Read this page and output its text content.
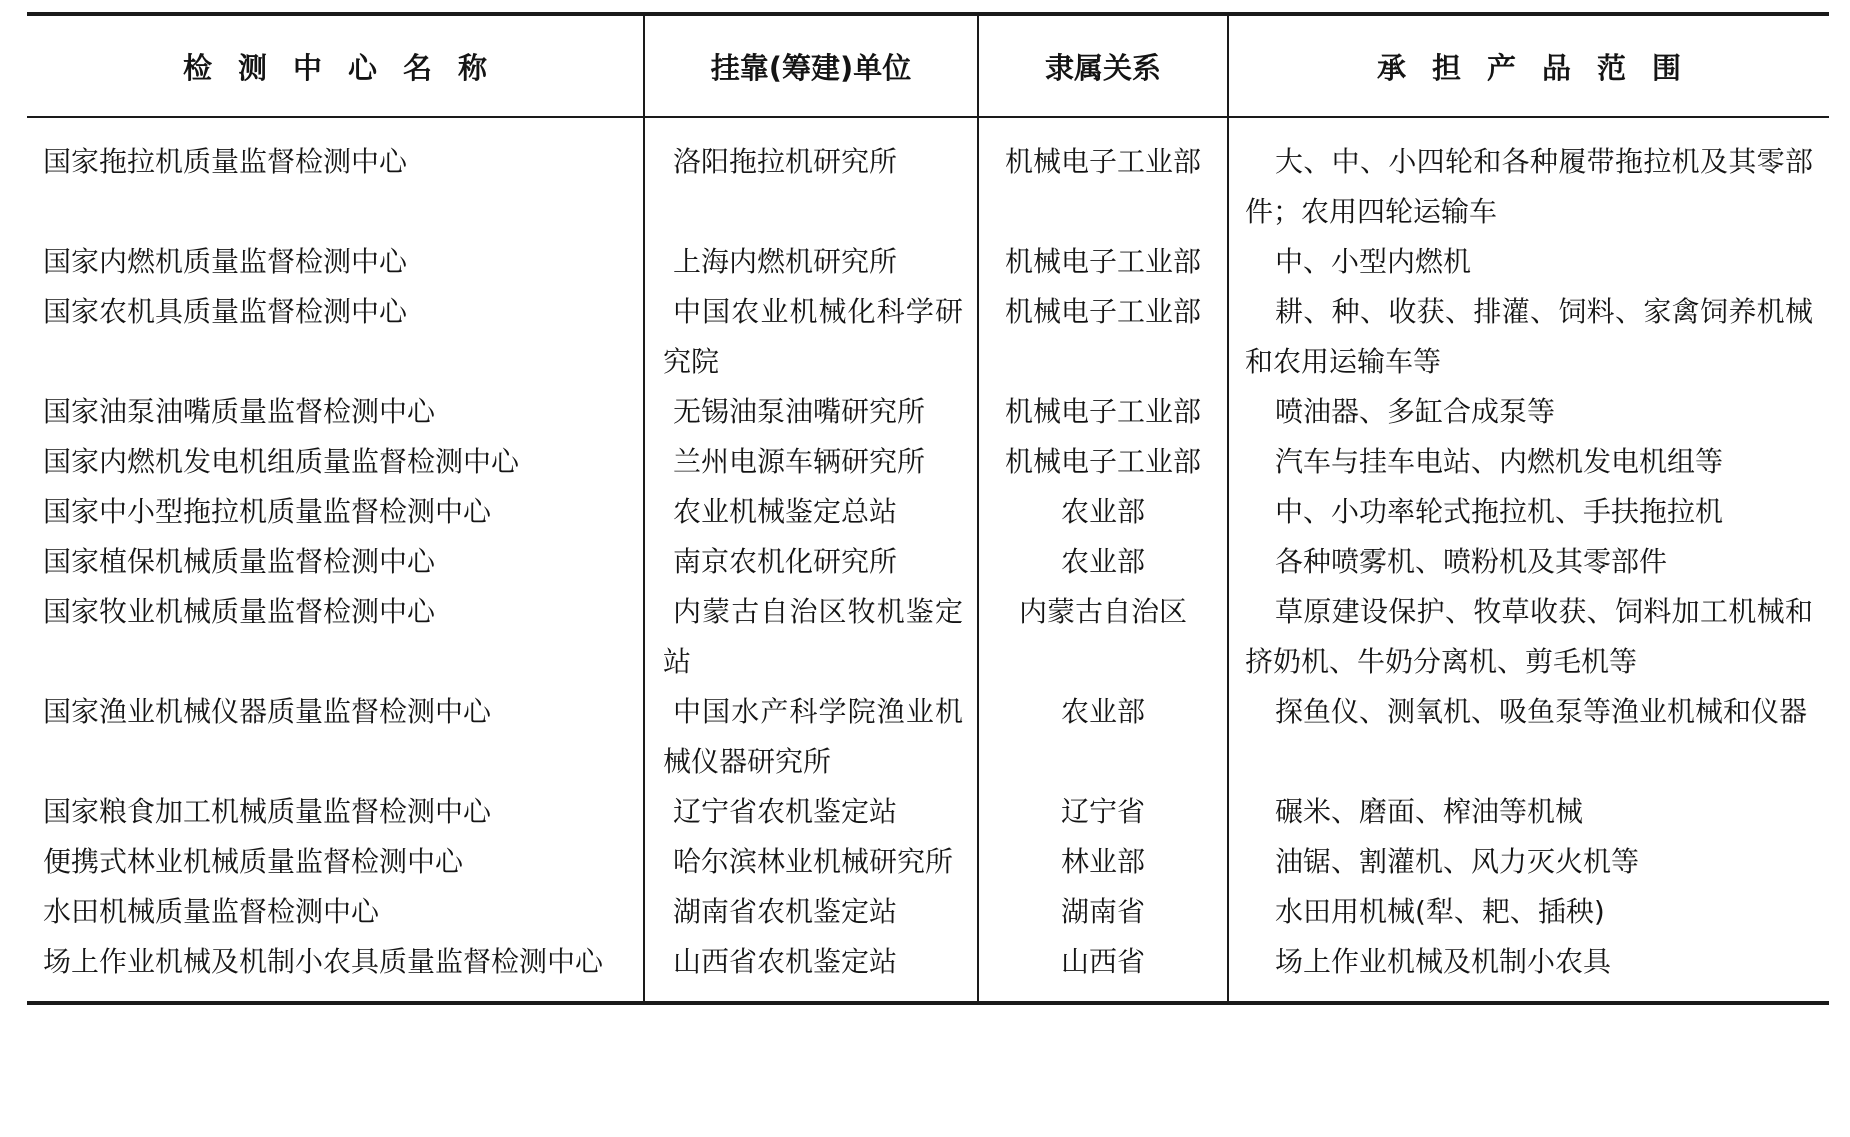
检测中心名称	挂靠(筹建)单位	隶属关系	承担产品范围

国家拖拉机质量监督检测中心	洛阳拖拉机研究所	机械电子工业部	大、中、小四轮和各种履带拖拉机及其零部件；农用四轮运输车

国家内燃机质量监督检测中心	上海内燃机研究所	机械电子工业部	中、小型内燃机

国家农机具质量监督检测中心	中国农业机械化科学研究院	机械电子工业部	耕、种、收获、排灌、饲料、家禽饲养机械和农用运输车等

国家油泵油嘴质量监督检测中心	无锡油泵油嘴研究所	机械电子工业部	喷油器、多缸合成泵等

国家内燃机发电机组质量监督检测中心	兰州电源车辆研究所	机械电子工业部	汽车与挂车电站、内燃机发电机组等

国家中小型拖拉机质量监督检测中心	农业机械鉴定总站	农业部	中、小功率轮式拖拉机、手扶拖拉机

国家植保机械质量监督检测中心	南京农机化研究所	农业部	各种喷雾机、喷粉机及其零部件

国家牧业机械质量监督检测中心	内蒙古自治区牧机鉴定站	内蒙古自治区	草原建设保护、牧草收获、饲料加工机械和挤奶机、牛奶分离机、剪毛机等

国家渔业机械仪器质量监督检测中心	中国水产科学院渔业机械仪器研究所	农业部	探鱼仪、测氧机、吸鱼泵等渔业机械和仪器

国家粮食加工机械质量监督检测中心	辽宁省农机鉴定站	辽宁省	碾米、磨面、榨油等机械

便携式林业机械质量监督检测中心	哈尔滨林业机械研究所	林业部	油锯、割灌机、风力灭火机等

水田机械质量监督检测中心	湖南省农机鉴定站	湖南省	水田用机械(犁、耙、插秧)

场上作业机械及机制小农具质量监督检测中心	山西省农机鉴定站	山西省	场上作业机械及机制小农具
